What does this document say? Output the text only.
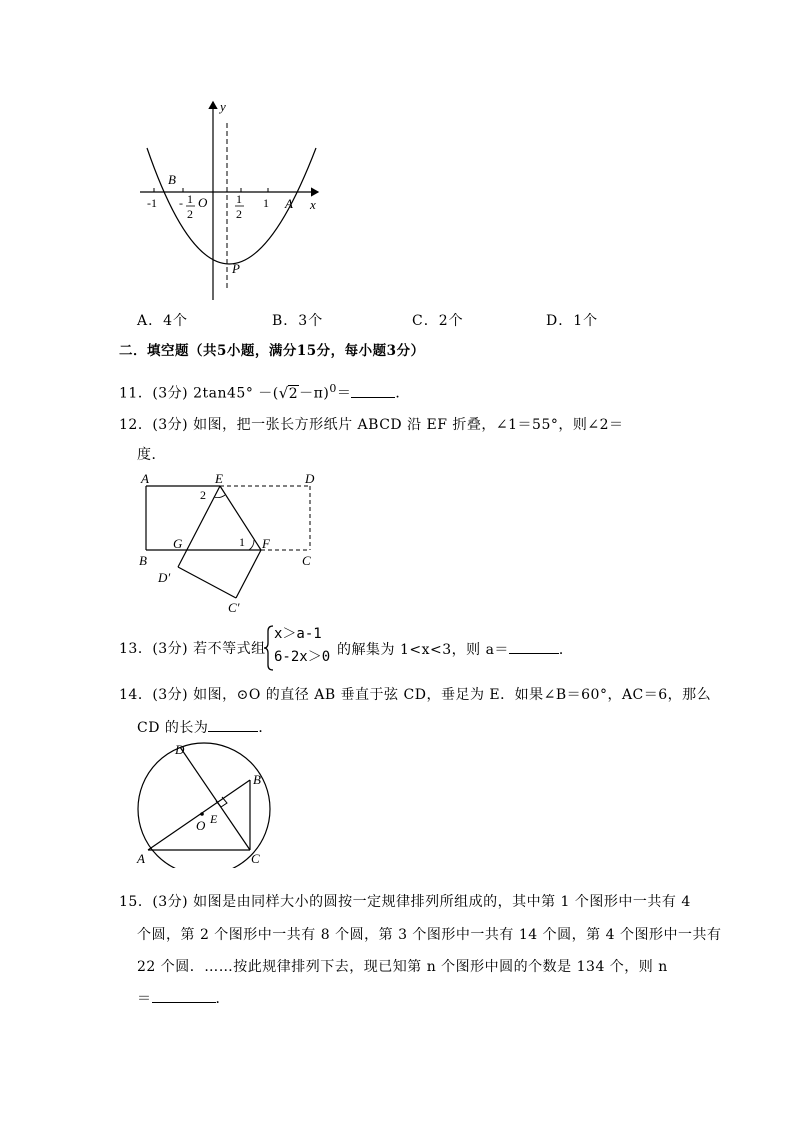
y
x
B
A
P
O
-1 - 1
2
1
2
1
A．4个	B．3个	C．2个	D．1个
二．填空题（共5小题，满分15分，每小题3分）
11．(3分) 2tan45° －( √ 2－π)$^0$＝	．
12．(3分) 如图，把一张长方形纸片 ABCD 沿 EF 折叠，∠1＝55°，则∠2＝
度．
A	E	D
B
G	F
C
D′
C′
1
2
13．(3分) 若不等式组
x＞a-1
6-2x＞0 的解集为 1<x<3，则 a＝	．
14．(3分) 如图，⊙O 的直径 AB 垂直于弦 CD，垂足为 E．如果∠B＝60°，AC＝6，那么
CD 的长为	．
D
B
E
O
A	C
15．(3分) 如图是由同样大小的圆按一定规律排列所组成的，其中第 1 个图形中一共有 4
个圆，第 2 个图形中一共有 8 个圆，第 3 个图形中一共有 14 个圆，第 4 个图形中一共有
22 个圆．……按此规律排列下去，现已知第 n 个图形中圆的个数是 134 个，则 n
＝	．
